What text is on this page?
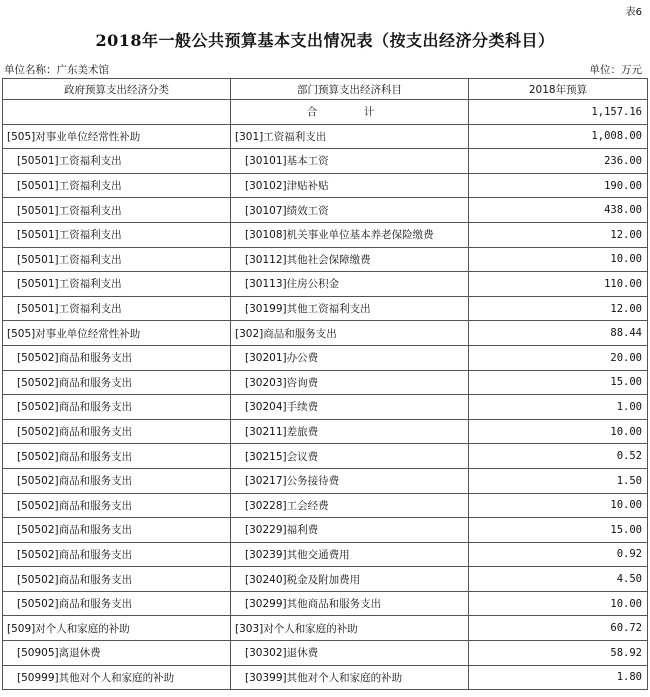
表6
2018年一般公共预算基本支出情况表（按支出经济分类科目）
单位名称：广东美术馆	单位：万元
政府预算支出经济分类	部门预算支出经济科目	2018年预算
	合　计	1,157.16
[505]对事业单位经常性补助	[301]工资福利支出	1,008.00
[50501]工资福利支出	[30101]基本工资	236.00
[50501]工资福利支出	[30102]津贴补贴	190.00
[50501]工资福利支出	[30107]绩效工资	438.00
[50501]工资福利支出	[30108]机关事业单位基本养老保险缴费	12.00
[50501]工资福利支出	[30112]其他社会保障缴费	10.00
[50501]工资福利支出	[30113]住房公积金	110.00
[50501]工资福利支出	[30199]其他工资福利支出	12.00
[505]对事业单位经常性补助	[302]商品和服务支出	88.44
[50502]商品和服务支出	[30201]办公费	20.00
[50502]商品和服务支出	[30203]咨询费	15.00
[50502]商品和服务支出	[30204]手续费	1.00
[50502]商品和服务支出	[30211]差旅费	10.00
[50502]商品和服务支出	[30215]会议费	0.52
[50502]商品和服务支出	[30217]公务接待费	1.50
[50502]商品和服务支出	[30228]工会经费	10.00
[50502]商品和服务支出	[30229]福利费	15.00
[50502]商品和服务支出	[30239]其他交通费用	0.92
[50502]商品和服务支出	[30240]税金及附加费用	4.50
[50502]商品和服务支出	[30299]其他商品和服务支出	10.00
[509]对个人和家庭的补助	[303]对个人和家庭的补助	60.72
[50905]离退休费	[30302]退休费	58.92
[50999]其他对个人和家庭的补助	[30399]其他对个人和家庭的补助	1.80
